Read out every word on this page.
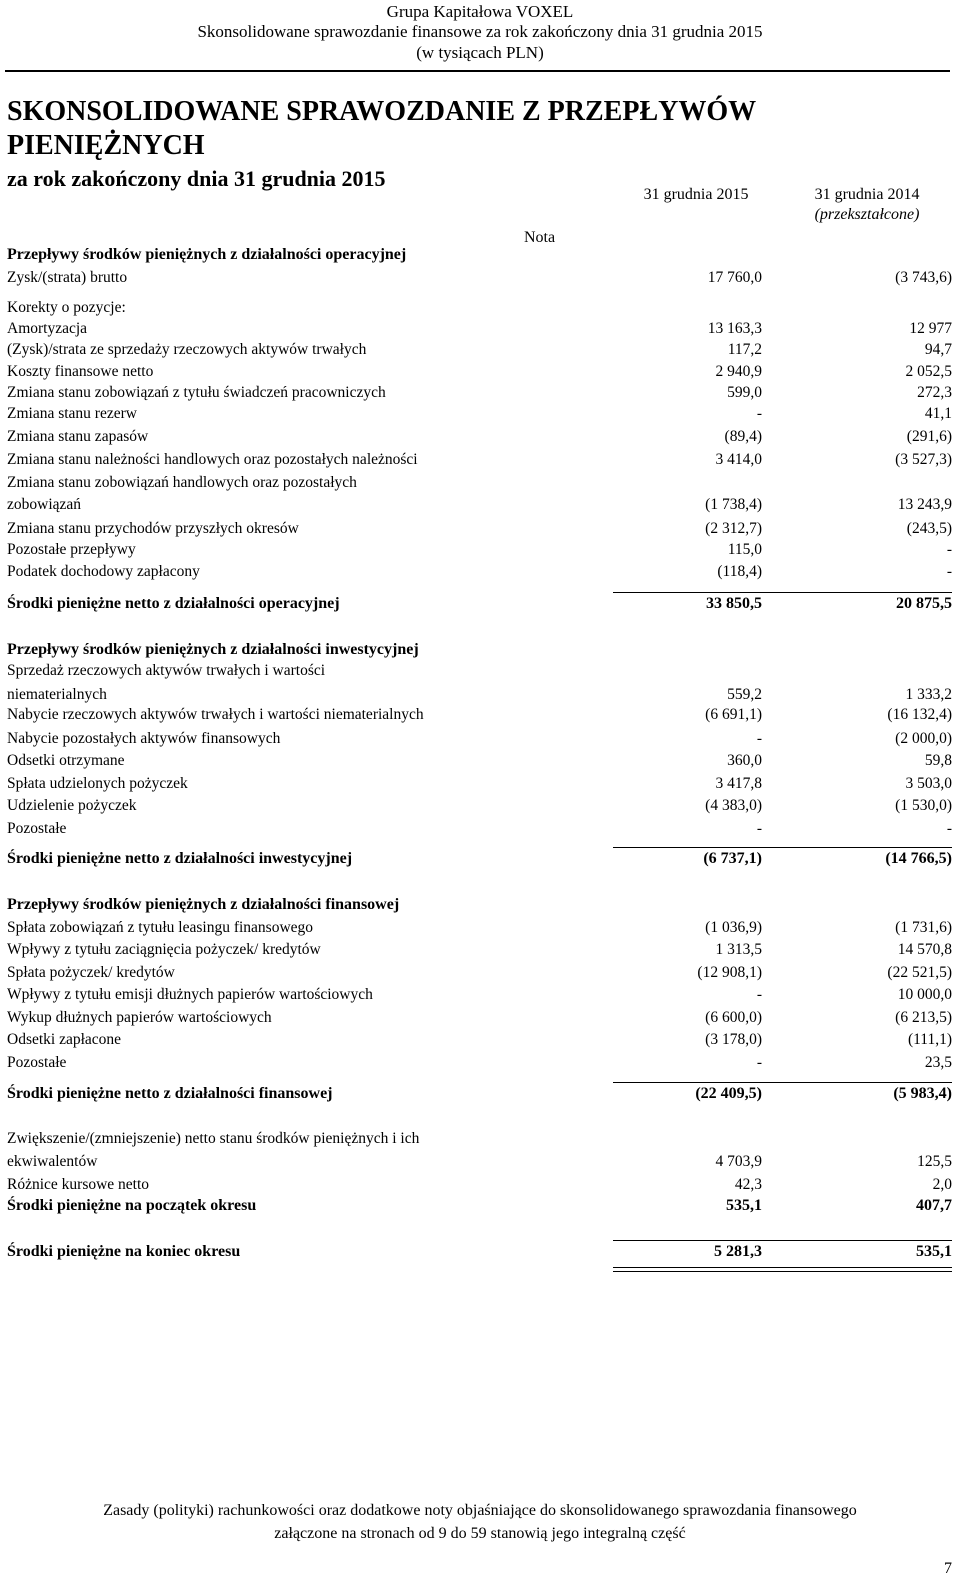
Grupa Kapitałowa VOXEL
Skonsolidowane sprawozdanie finansowe za rok zakończony dnia 31 grudnia 2015
(w tysiącach PLN)
SKONSOLIDOWANE SPRAWOZDANIE Z PRZEPŁYWÓW
PIENIĘŻNYCH
za rok zakończony dnia 31 grudnia 2015
31 grudnia 2015	31 grudnia 2014
(przekształcone)
Nota
Przepływy środków pieniężnych z działalności operacyjnej
Zysk/(strata) brutto	17 760,0	(3 743,6)
Korekty o pozycje:
Amortyzacja	13 163,3	12 977
(Zysk)/strata ze sprzedaży rzeczowych aktywów trwałych	117,2	94,7
Koszty finansowe netto	2 940,9	2 052,5
Zmiana stanu zobowiązań z tytułu świadczeń pracowniczych	599,0	272,3
Zmiana stanu rezerw	-	41,1
Zmiana stanu zapasów	(89,4)	(291,6)
Zmiana stanu należności handlowych oraz pozostałych należności	3 414,0	(3 527,3)
Zmiana stanu zobowiązań handlowych oraz pozostałych
zobowiązań	(1 738,4)	13 243,9
Zmiana stanu przychodów przyszłych okresów	(2 312,7)	(243,5)
Pozostałe przepływy	115,0	-
Podatek dochodowy zapłacony	(118,4)	-
Środki pieniężne netto z działalności operacyjnej	33 850,5	20 875,5
Przepływy środków pieniężnych z działalności inwestycyjnej
Sprzedaż rzeczowych aktywów trwałych i wartości
niematerialnych	559,2	1 333,2
Nabycie rzeczowych aktywów trwałych i wartości niematerialnych	(6 691,1)	(16 132,4)
Nabycie pozostałych aktywów finansowych	-	(2 000,0)
Odsetki otrzymane	360,0	59,8
Spłata udzielonych pożyczek	3 417,8	3 503,0
Udzielenie pożyczek	(4 383,0)	(1 530,0)
Pozostałe	-	-
Środki pieniężne netto z działalności inwestycyjnej	(6 737,1)	(14 766,5)
Przepływy środków pieniężnych z działalności finansowej
Spłata zobowiązań z tytułu leasingu finansowego	(1 036,9)	(1 731,6)
Wpływy z tytułu zaciągnięcia pożyczek/ kredytów	1 313,5	14 570,8
Spłata pożyczek/ kredytów	(12 908,1)	(22 521,5)
Wpływy z tytułu emisji dłużnych papierów wartościowych	-	10 000,0
Wykup dłużnych papierów wartościowych	(6 600,0)	(6 213,5)
Odsetki zapłacone	(3 178,0)	(111,1)
Pozostałe	-	23,5
Środki pieniężne netto z działalności finansowej	(22 409,5)	(5 983,4)
Zwiększenie/(zmniejszenie) netto stanu środków pieniężnych i ich
ekwiwalentów	4 703,9	125,5
Różnice kursowe netto	42,3	2,0
Środki pieniężne na początek okresu	535,1	407,7
Środki pieniężne na koniec okresu	5 281,3	535,1
Zasady (polityki) rachunkowości oraz dodatkowe noty objaśniające do skonsolidowanego sprawozdania finansowego
załączone na stronach od 9 do 59 stanowią jego integralną część
7
